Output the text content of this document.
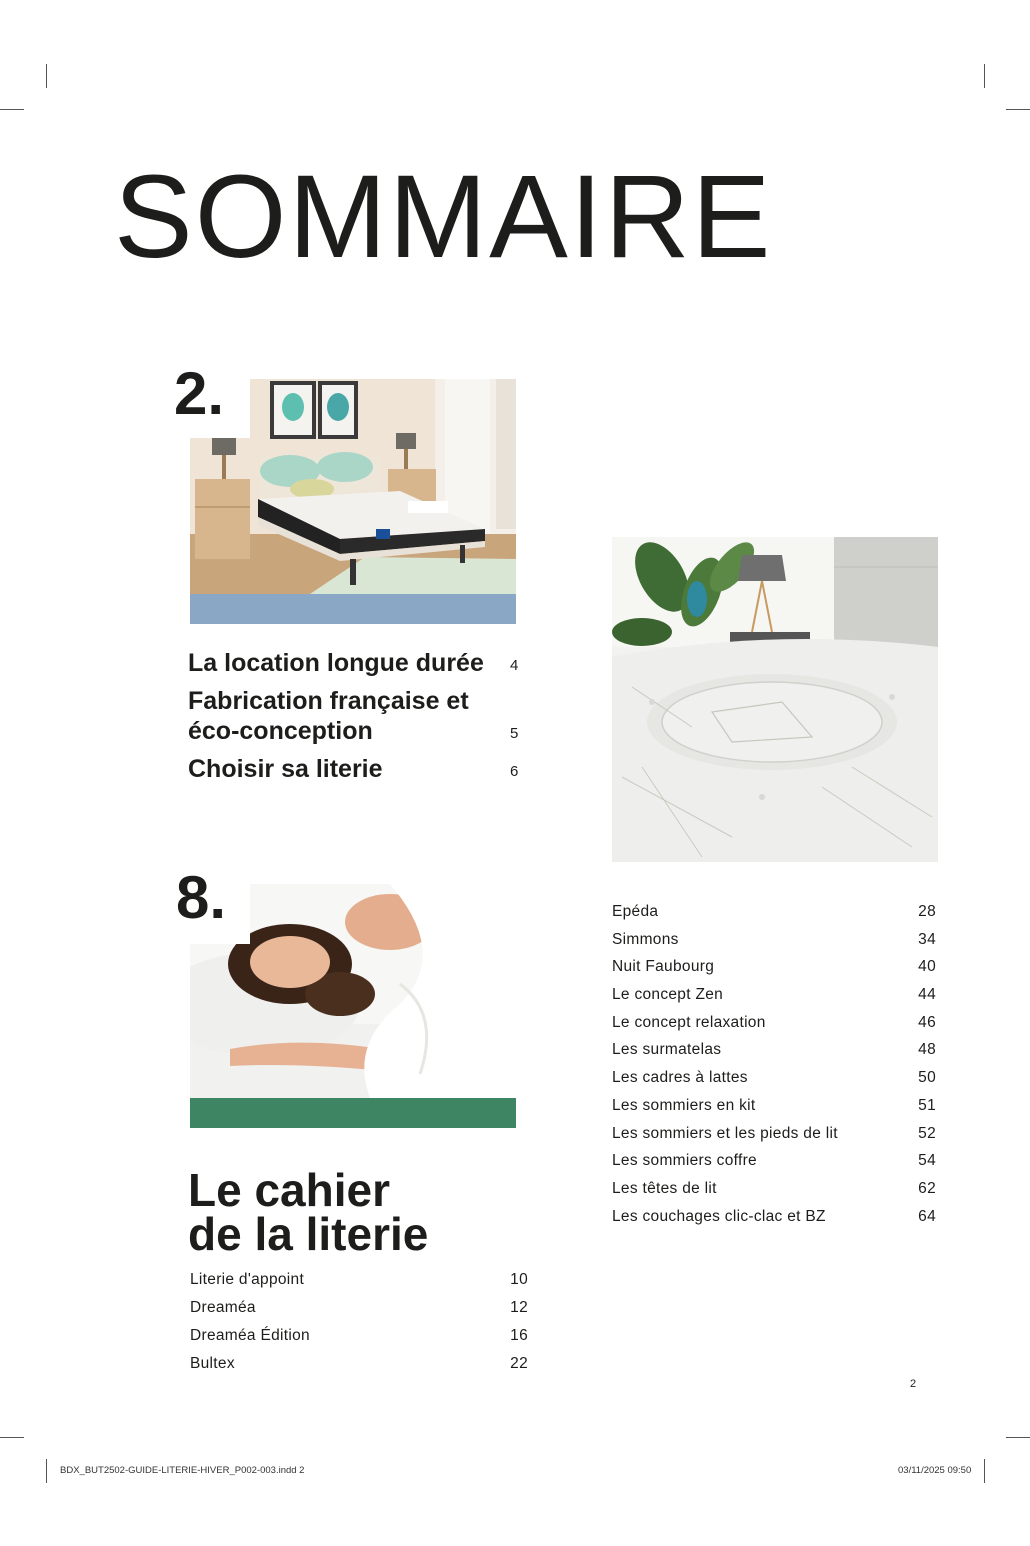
SOMMAIRE
2.
La location longue durée 4
Fabrication française et
éco-conception	5
Choisir sa literie	6
8.
Le cahier
de la literie
Literie d'appoint	10
Dreaméa	12
Dreaméa Édition	16
Bultex	22
Epéda	28
Simmons	34
Nuit Faubourg	40
Le concept Zen	44
Le concept relaxation	46
Les surmatelas	48
Les cadres à lattes	50
Les sommiers en kit	51
Les sommiers et les pieds de lit	52
Les sommiers coffre	54
Les têtes de lit	62
Les couchages clic-clac et BZ	64
2
BDX_BUT2502-GUIDE-LITERIE-HIVER_P002-003.indd 2	03/11/2025 09:50
